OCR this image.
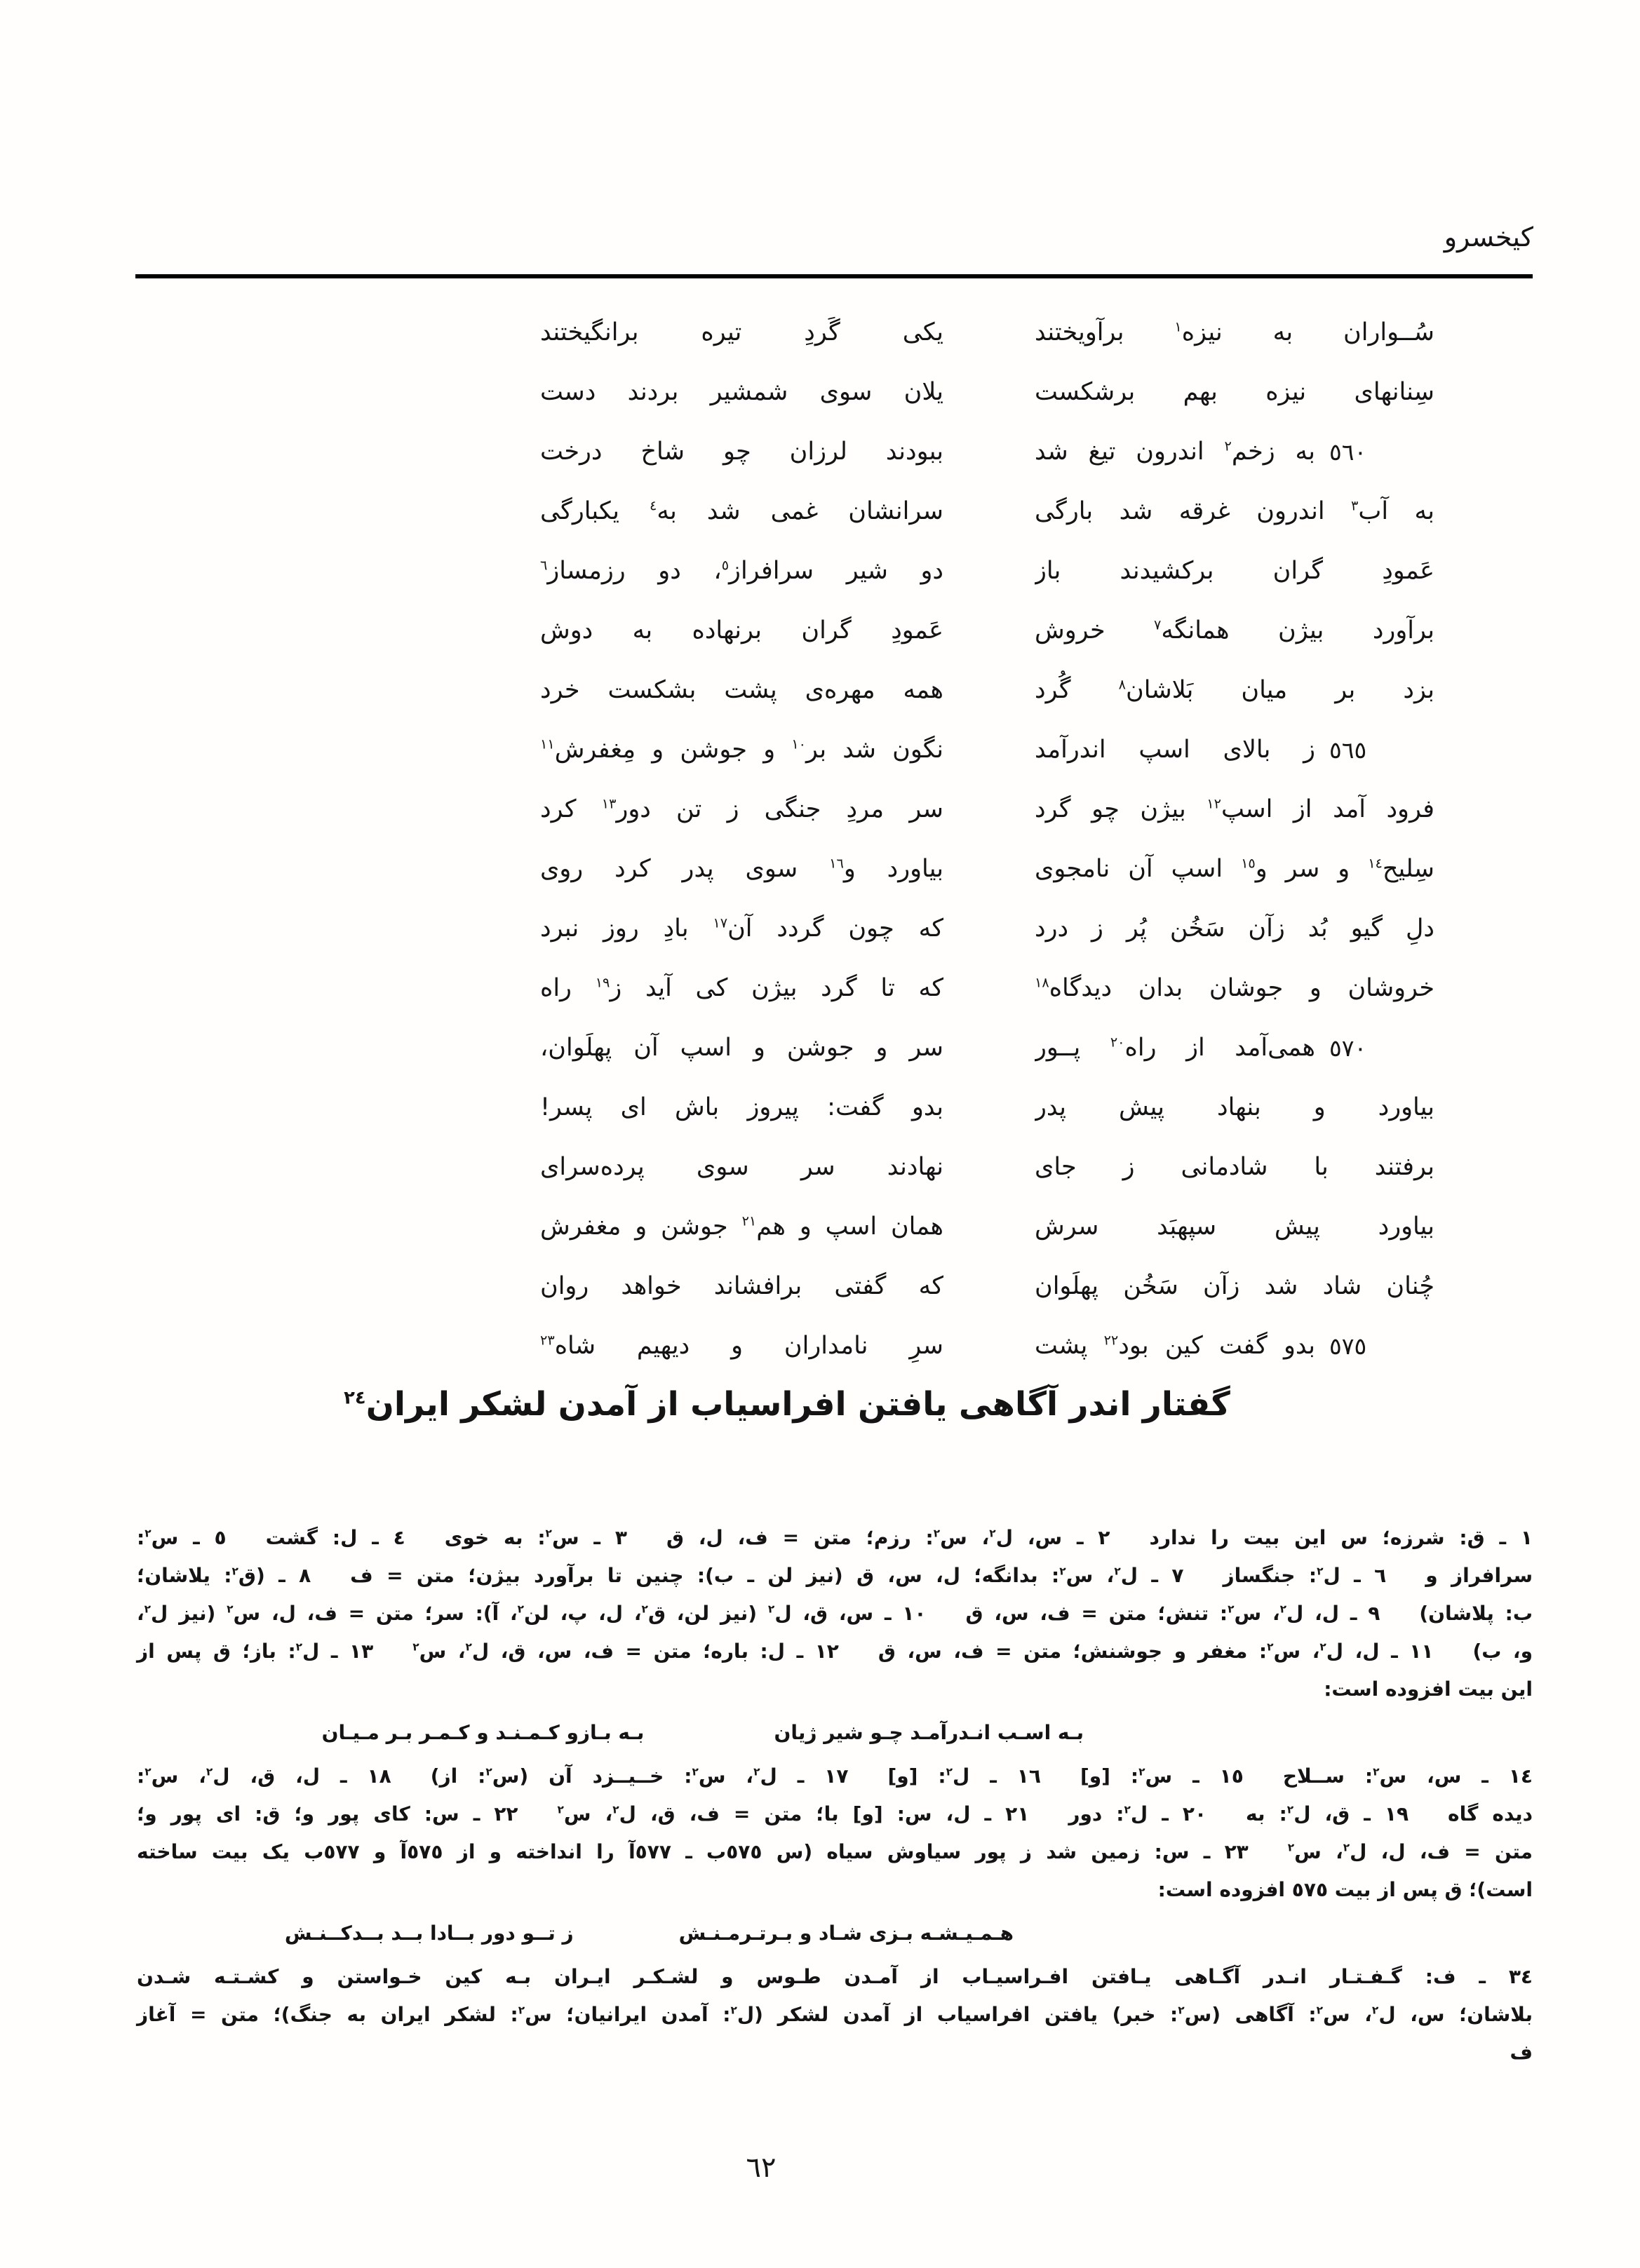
کیخسرو
سُــواران به نیزه$^١$ برآویختند
یکی گَردِ تیره برانگیختند
سِنانهای نیزه بهم برشکست
یلان سوی شمشیر بردند دست
٥٦٠
به زخم$^٢$ اندرون تیغ شد
ببودند لرزان چو شاخ درخت
به آب$^٣$ اندرون غرقه شد بارگی
سرانشان غمی شد به$^٤$ یکبارگی
عَمودِ گران برکشیدند باز
دو شیر سرافراز$^٥$، دو رزمساز$^٦$
برآورد بیژن همانگه$^٧$ خروش
عَمودِ گران برنهاده به دوش
بزد بر میان بَلاشان$^٨$ گُرد
همه مهره‌ی پشت بشکست خرد
٥٦٥
ز بالای اسپ اندرآمد
نگون شد بر$^{١٠}$ و جوشن و مِغفرش$^{١١}$
فرود آمد از اسپ$^{١٢}$ بیژن چو گرد
سر مردِ جنگی ز تن دور$^{١٣}$ کرد
سِلیح$^{١٤}$ و سر و$^{١٥}$ اسپ آن نامجوی
بیاورد و$^{١٦}$ سوی پدر کرد روی
دلِ گیو بُد زآن سَخُن پُر ز درد
که چون گردد آن$^{١٧}$ بادِ روز نبرد
خروشان و جوشان بدان دیدگاه$^{١٨}$
که تا گرد بیژن کی آید ز$^{١٩}$ راه
٥٧٠
همی‌آمد از راه$^{٢٠}$ پــور
سر و جوشن و اسپ آن پهلَوان،
بیاورد و بنهاد پیش پدر
بدو گفت: پیروز باش ای پسر!
برفتند با شادمانی ز جای
نهادند سر سوی پرده‌سرای
بیاورد پیش سپهبَد سرش
همان اسپ و هم$^{٢١}$ جوشن و مغفرش
چُنان شاد شد زآن سَخُن پهلَوان
که گفتی برافشاند خواهد روان
٥٧٥
بدو گفت کین بود$^{٢٢}$ پشت
سرِ نامداران و دیهیم شاه$^{٢٣}$
گفتار اندر آگاهی یافتن افراسیاب از آمدن لشکر ایران$^{٢٤}$
١ ـ ق: شرزه؛ س این بیت را ندارد  ٢ ـ س، ل$^٢$، س$^٢$: رزم؛ متن = ف، ل، ق  ٣ ـ س$^٢$: به خوی  ٤ ـ ل: گشت  ٥ ـ س$^٢$:
سرافراز و  ٦ ـ ل$^٢$: جنگساز  ٧ ـ ل$^٢$، س$^٢$: بدانگه؛ ل، س، ق (نیز لن ـ ب): چنین تا برآورد بیژن؛ متن = ف  ٨ ـ (ق$^٢$: یلاشان؛
ب: پلاشان)  ٩ ـ ل، ل$^٢$، س$^٢$: تنش؛ متن = ف، س، ق  ١٠ ـ س، ق، ل$^٢$ (نیز لن، ق$^٢$، ل، پ، لن$^٢$، آ): سر؛ متن = ف، ل، س$^٢$ (نیز ل$^٢$،
و، ب)  ١١ ـ ل، ل$^٢$، س$^٢$: مغفر و جوشنش؛ متن = ف، س، ق  ١٢ ـ ل: باره؛ متن = ف، س، ق، ل$^٢$، س$^٢$  ١٣ ـ ل$^٢$: باز؛ ق پس از
این بیت افزوده است:
بـه اسـب انـدرآمـد چـو شیر ژیان
بـه بـازو کـمـنـد و کـمـر بـر مـیـان
١٤ ـ س، س$^٢$: ســلاح  ١٥ ـ س$^٢$: [و]  ١٦ ـ ل$^٢$: [و]  ١٧ ـ ل$^٢$، س$^٢$: خــیــزد آن (س$^٢$: از)  ١٨ ـ ل، ق، ل$^٢$، س$^٢$:
دیده گاه  ١٩ ـ ق، ل$^٢$: به  ٢٠ ـ ل$^٢$: دور  ٢١ ـ ل، س: [و] با؛ متن = ف، ق، ل$^٢$، س$^٢$  ٢٢ ـ س: کای پور و؛ ق: ای پور و؛
متن = ف، ل، ل$^٢$، س$^٢$  ٢٣ ـ س: زمین شد ز پور سیاوش سیاه (س ٥٧٥ب ـ ٥٧٧آ را انداخته و از ٥٧٥آ و ٥٧٧ب یک بیت ساخته
است)؛ ق پس از بیت ٥٧٥ افزوده است:
هـمـیـشـه بـزی شـاد و بـرتـرمـنـش
ز تــو دور بــادا بــد بــدکــنـش
٣٤ ـ ف: گـفـتـار انـدر آگـاهی یـافتن افـراسیـاب از آمـدن طـوس و لشـکـر ایـران بـه کین خـواستن و کشـتـه شـدن
بلاشان؛ س، ل$^٢$، س$^٢$: آگاهی (س$^٢$: خبر) یافتن افراسیاب از آمدن لشکر (ل$^٢$: آمدن ایرانیان؛ س$^٢$: لشکر ایران به جنگ)؛ متن = آغاز
ف
٦٢
